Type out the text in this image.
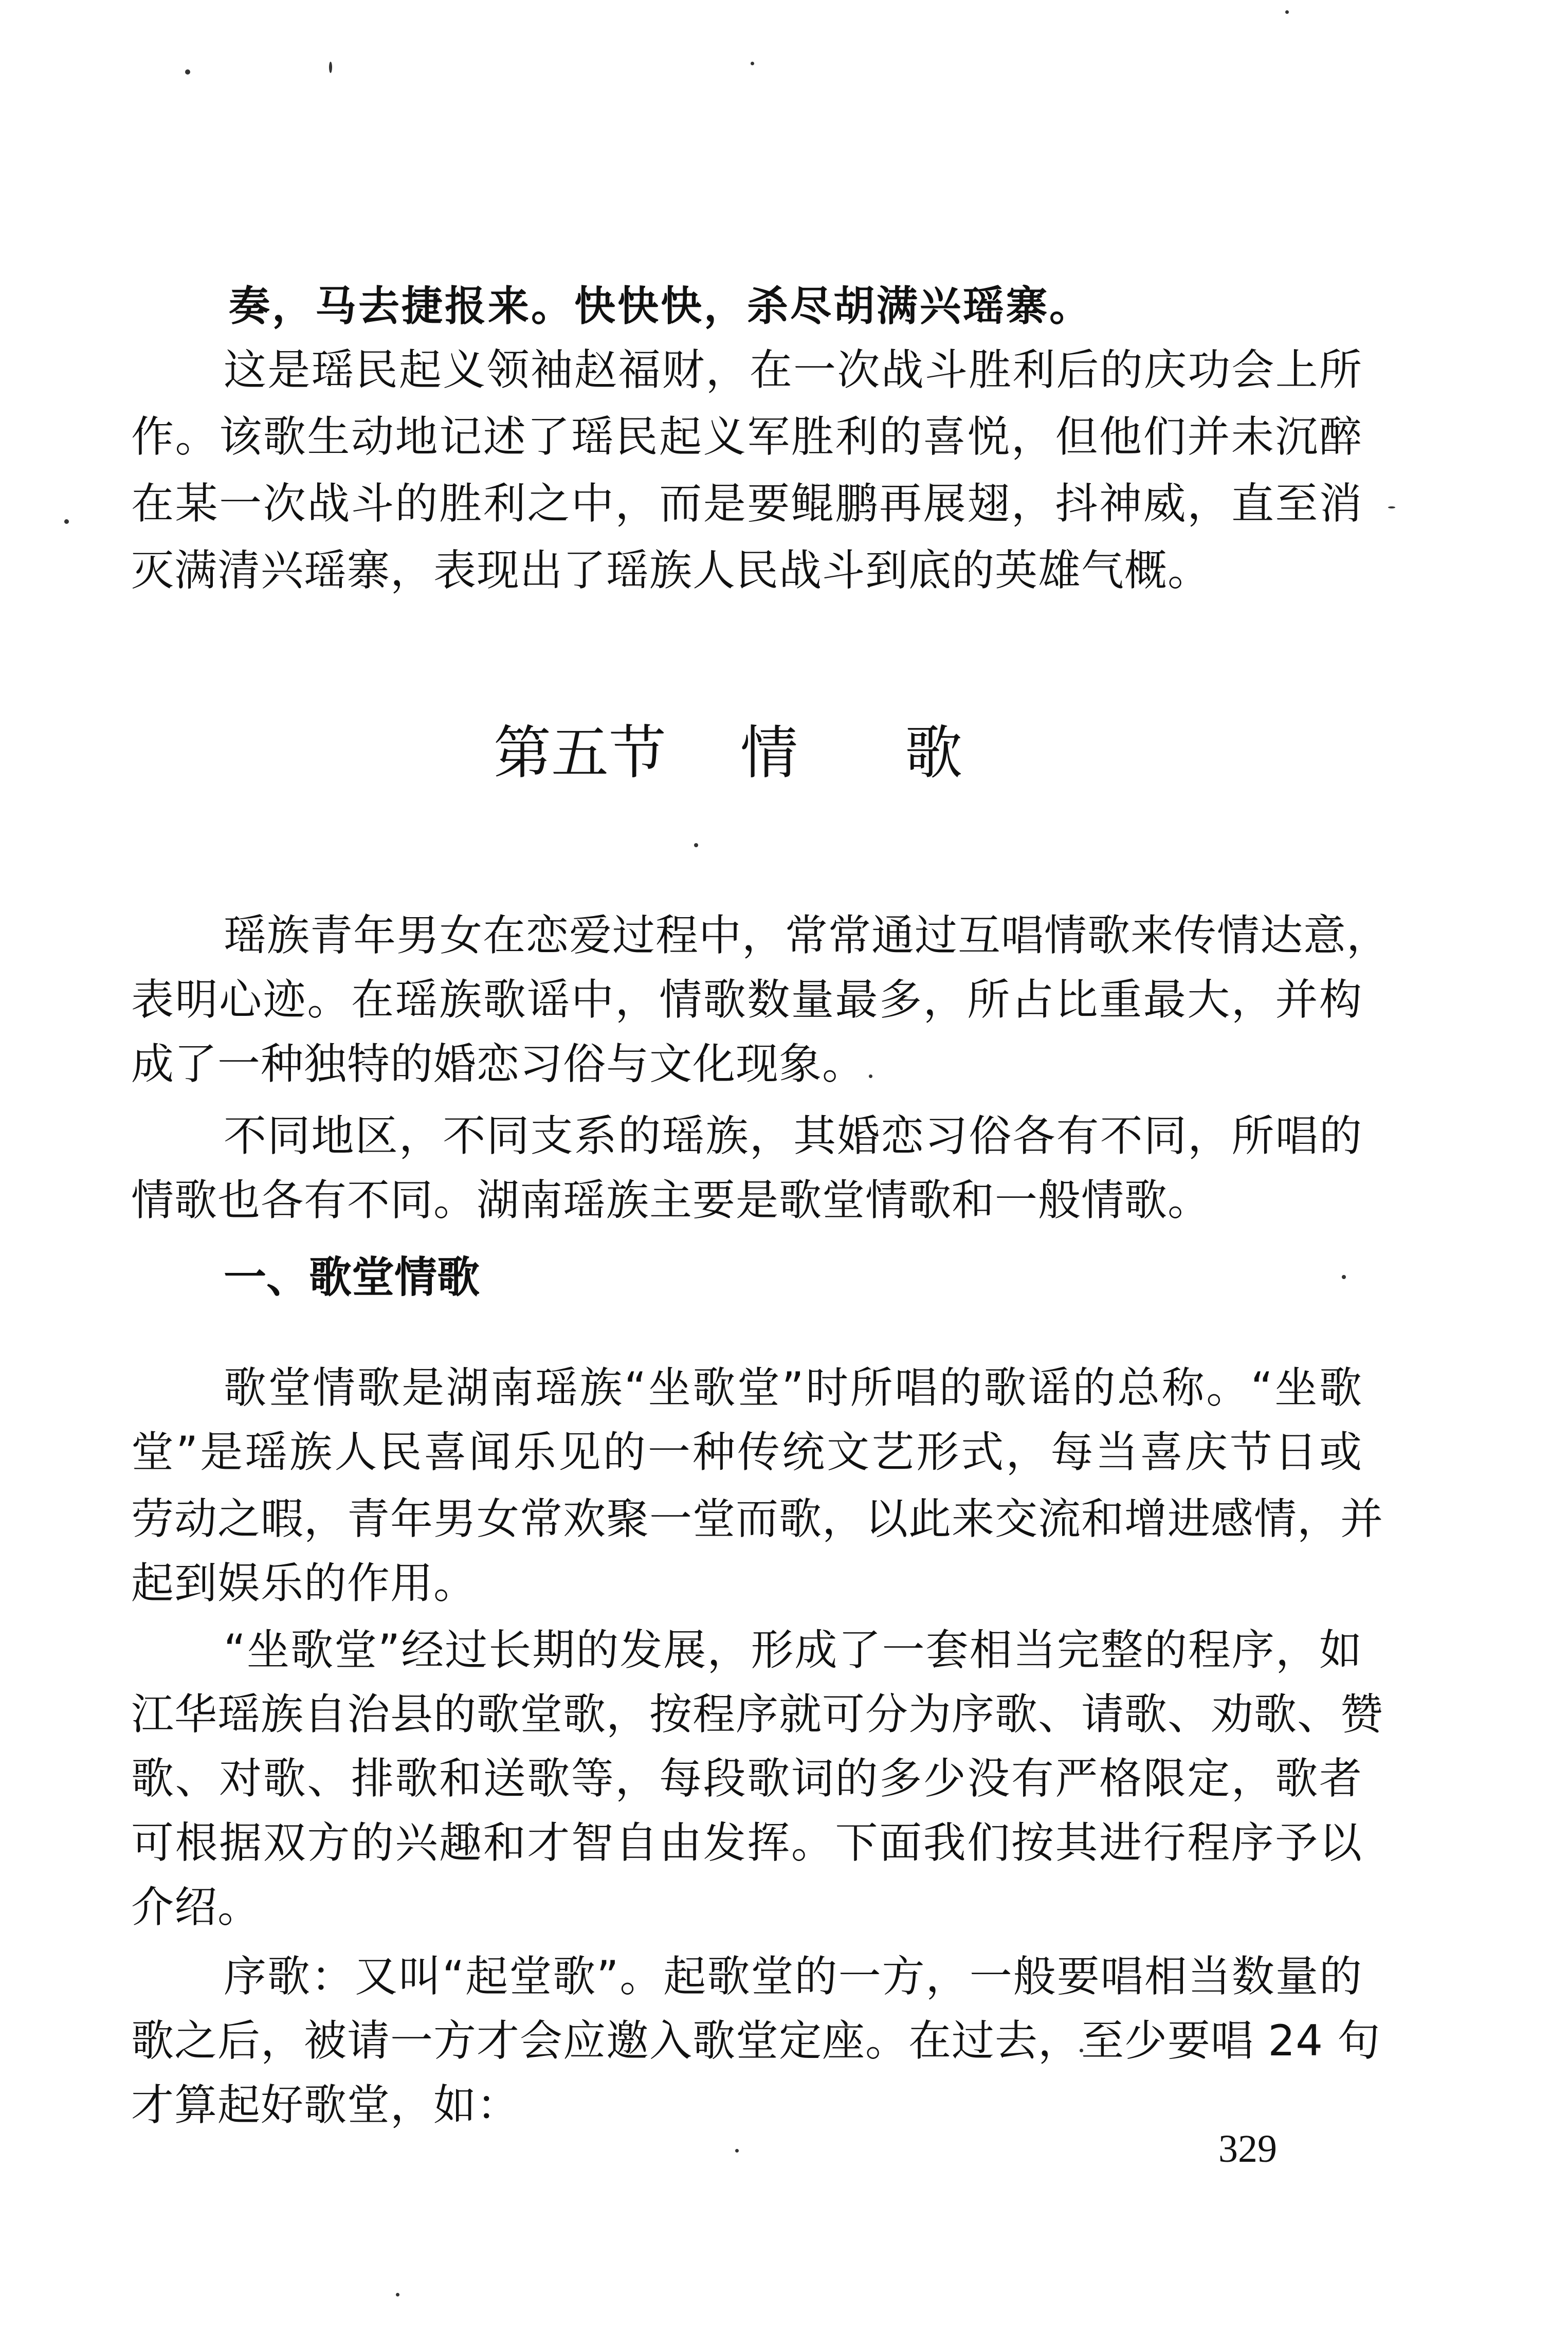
奏，马去捷报来。快快快，杀尽胡满兴瑶寨。
这是瑶民起义领袖赵福财，在一次战斗胜利后的庆功会上所
作。该歌生动地记述了瑶民起义军胜利的喜悦，但他们并未沉醉
在某一次战斗的胜利之中，而是要鲲鹏再展翅，抖神威，直至消
灭满清兴瑶寨，表现出了瑶族人民战斗到底的英雄气概。
第五节 情 歌
瑶族青年男女在恋爱过程中，常常通过互唱情歌来传情达意，
表明心迹。在瑶族歌谣中，情歌数量最多，所占比重最大，并构
成了一种独特的婚恋习俗与文化现象。
不同地区，不同支系的瑶族，其婚恋习俗各有不同，所唱的
情歌也各有不同。湖南瑶族主要是歌堂情歌和一般情歌。
一、歌堂情歌
歌堂情歌是湖南瑶族“坐歌堂”时所唱的歌谣的总称。“坐歌
堂”是瑶族人民喜闻乐见的一种传统文艺形式，每当喜庆节日或
劳动之暇，青年男女常欢聚一堂而歌，以此来交流和增进感情，并
起到娱乐的作用。
“坐歌堂”经过长期的发展，形成了一套相当完整的程序，如
江华瑶族自治县的歌堂歌，按程序就可分为序歌、请歌、劝歌、赞
歌、对歌、排歌和送歌等，每段歌词的多少没有严格限定，歌者
可根据双方的兴趣和才智自由发挥。下面我们按其进行程序予以
介绍。
序歌：又叫“起堂歌”。起歌堂的一方，一般要唱相当数量的
歌之后，被请一方才会应邀入歌堂定座。在过去，至少要唱 24 句
才算起好歌堂，如：
329
